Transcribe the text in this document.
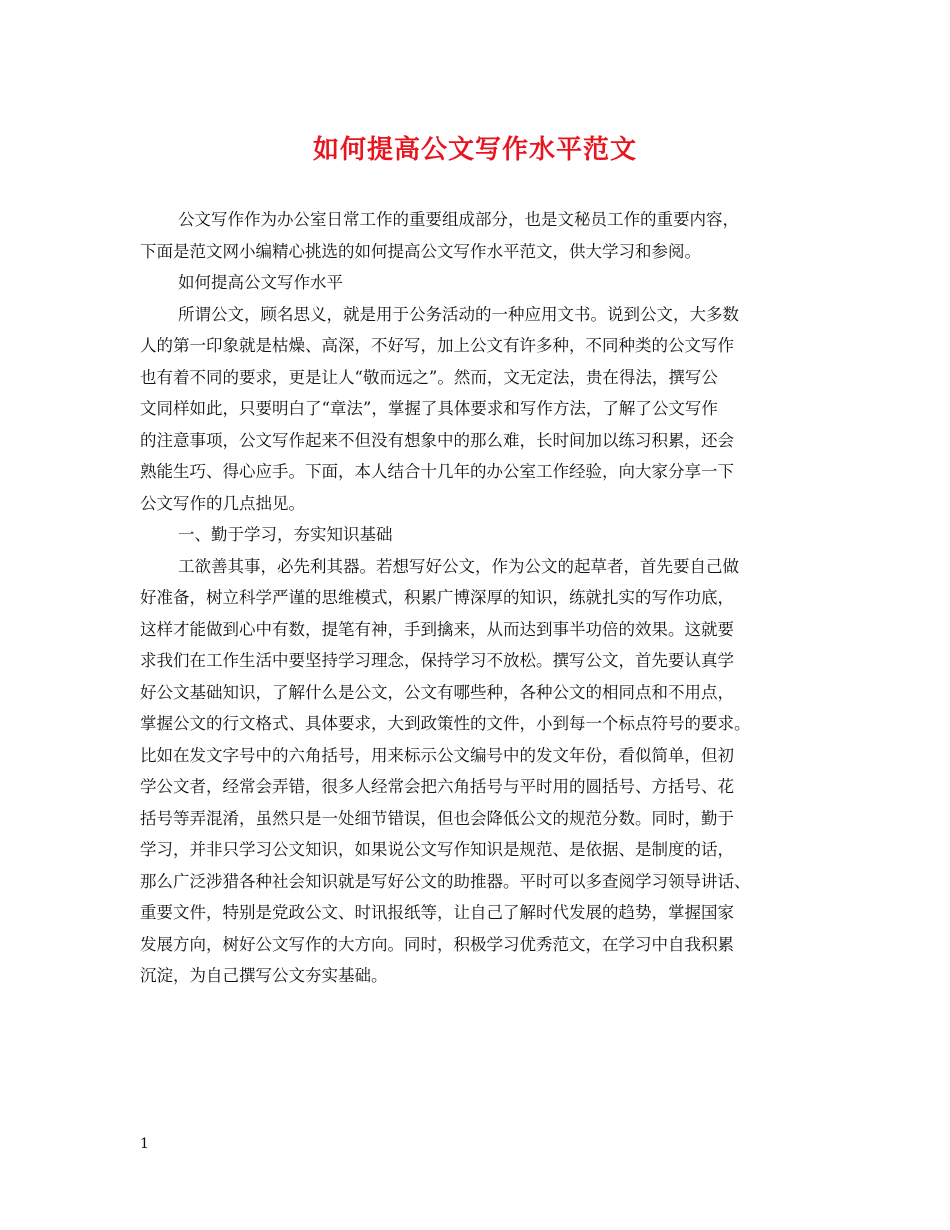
如何提高公文写作水平范文
公文写作作为办公室日常工作的重要组成部分，也是文秘员工作的重要内容，
下面是范文网小编精心挑选的如何提高公文写作水平范文，供大学习和参阅。
如何提高公文写作水平
所谓公文，顾名思义，就是用于公务活动的一种应用文书。说到公文，大多数
人的第一印象就是枯燥、高深，不好写，加上公文有许多种，不同种类的公文写作
也有着不同的要求，更是让人“敬而远之”。然而，文无定法，贵在得法，撰写公
文同样如此，只要明白了“章法”，掌握了具体要求和写作方法，了解了公文写作
的注意事项，公文写作起来不但没有想象中的那么难，长时间加以练习积累，还会
熟能生巧、得心应手。下面，本人结合十几年的办公室工作经验，向大家分享一下
公文写作的几点拙见。
一、勤于学习，夯实知识基础
工欲善其事，必先利其器。若想写好公文，作为公文的起草者，首先要自己做
好准备，树立科学严谨的思维模式，积累广博深厚的知识，练就扎实的写作功底，
这样才能做到心中有数，提笔有神，手到擒来，从而达到事半功倍的效果。这就要
求我们在工作生活中要坚持学习理念，保持学习不放松。撰写公文，首先要认真学
好公文基础知识，了解什么是公文，公文有哪些种，各种公文的相同点和不用点，
掌握公文的行文格式、具体要求，大到政策性的文件，小到每一个标点符号的要求。
比如在发文字号中的六角括号，用来标示公文编号中的发文年份，看似简单，但初
学公文者，经常会弄错，很多人经常会把六角括号与平时用的圆括号、方括号、花
括号等弄混淆，虽然只是一处细节错误，但也会降低公文的规范分数。同时，勤于
学习，并非只学习公文知识，如果说公文写作知识是规范、是依据、是制度的话，
那么广泛涉猎各种社会知识就是写好公文的助推器。平时可以多查阅学习领导讲话、
重要文件，特别是党政公文、时讯报纸等，让自己了解时代发展的趋势，掌握国家
发展方向，树好公文写作的大方向。同时，积极学习优秀范文，在学习中自我积累
沉淀，为自己撰写公文夯实基础。
1
